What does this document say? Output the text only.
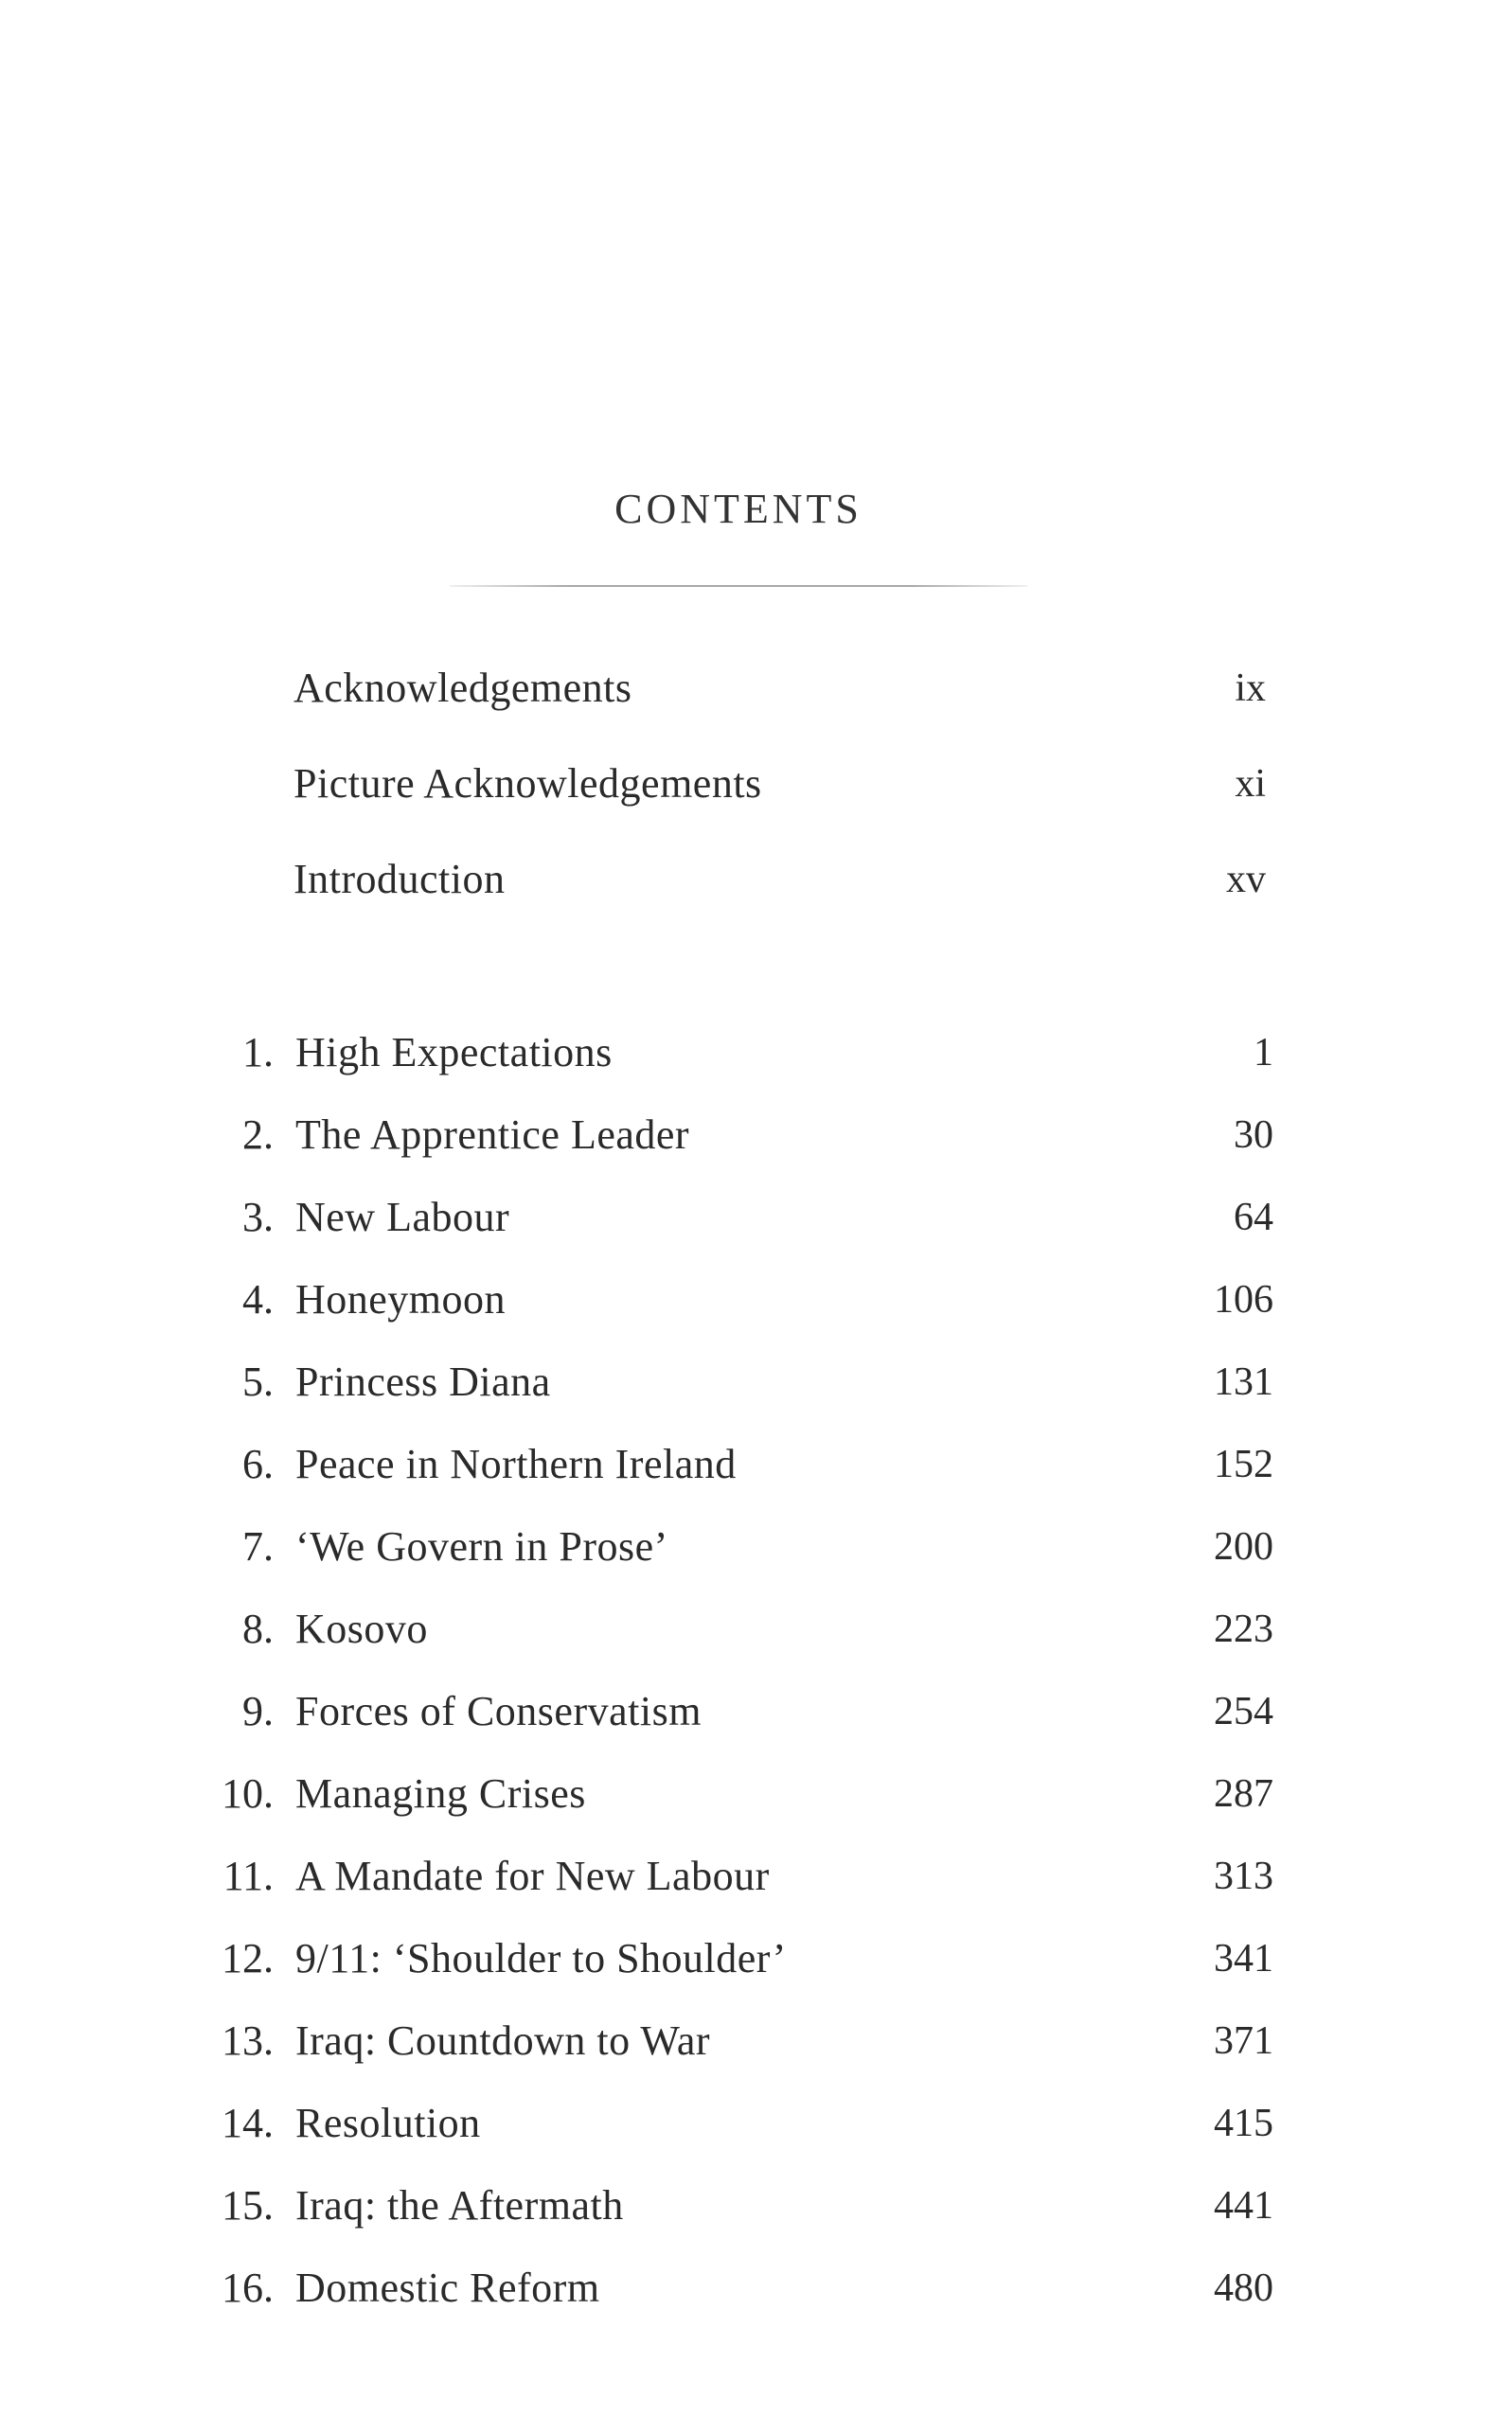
CONTENTS
Acknowledgements	ix
Picture Acknowledgements	xi
Introduction	xv
1. High Expectations	1
2. The Apprentice Leader	30
3. New Labour	64
4. Honeymoon	106
5. Princess Diana	131
6. Peace in Northern Ireland	152
7. ‘We Govern in Prose’	200
8. Kosovo	223
9. Forces of Conservatism	254
10. Managing Crises	287
11. A Mandate for New Labour	313
12. 9/11: ‘Shoulder to Shoulder’	341
13. Iraq: Countdown to War	371
14. Resolution	415
15. Iraq: the Aftermath	441
16. Domestic Reform	480
